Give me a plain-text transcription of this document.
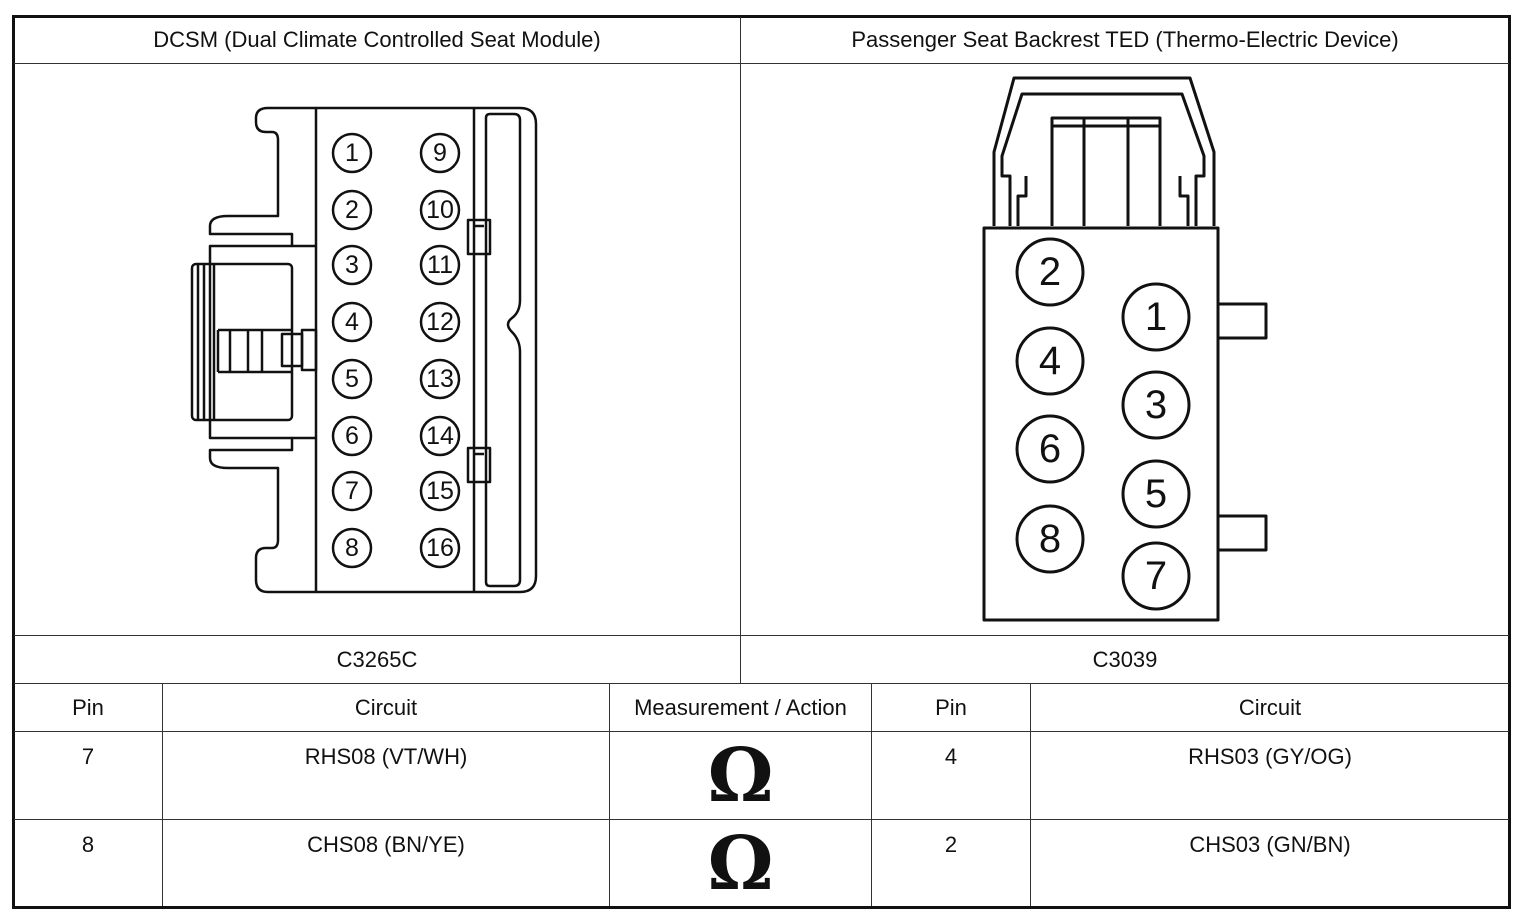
DCSM (Dual Climate Controlled Seat Module)	Passenger Seat Backrest TED (Thermo-Electric Device)
C3265C	C3039
1
2
3
4
5
6
7
8
9
10
11
12
13
14
15
16
2
4
6
8
1
3
5
7
Pin	Circuit	Measurement / Action	Pin	Circuit
7	RHS08 (VT/WH)	Ω	4	RHS03 (GY/OG)
8	CHS08 (BN/YE)	Ω	2	CHS03 (GN/BN)
